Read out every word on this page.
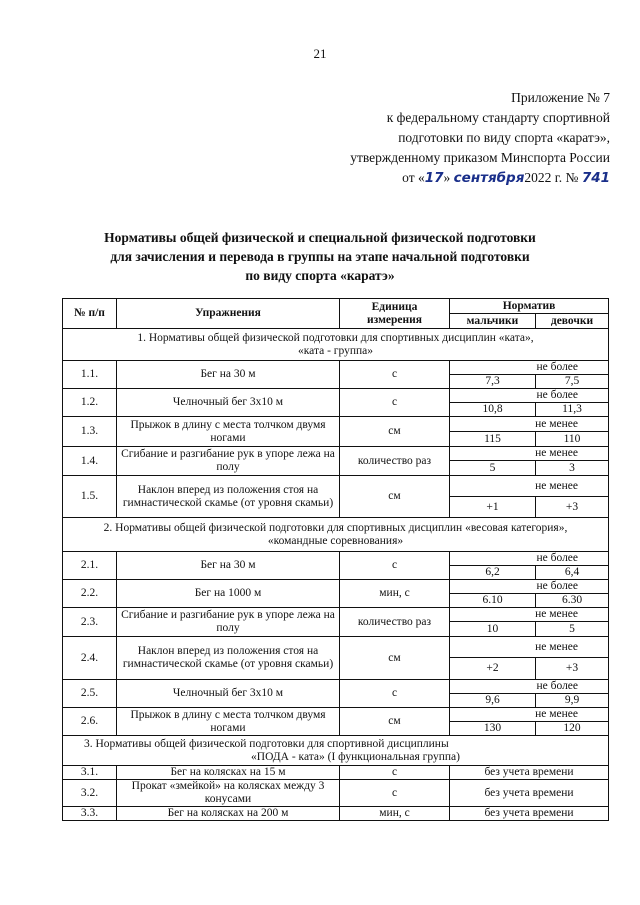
21
Приложение № 7
к федеральному стандарту спортивной
подготовки по виду спорта «каратэ»,
утвержденному приказом Минспорта России
от «17» сентября2022 г. № 741
Нормативы общей физической и специальной физической подготовки
для зачисления и перевода в группы на этапе начальной подготовки
по виду спорта «каратэ»
№ п/п	Упражнения	Единица измерения	Норматив	
			мальчики	девочки

1. Нормативы общей физической подготовки для спортивных дисциплин «ката»,
«ката - группа»				

1.1.	Бег на 30 м	с	не более	
			7,3	7,5
1.2.	Челночный бег 3х10 м	с	не более	
			10,8	11,3
1.3.	Прыжок в длину с места толчком двумя ногами	см	не менее	
			115	110
1.4.	Сгибание и разгибание рук в упоре лежа на полу	количество раз	не менее	
			5	3
1.5.	Наклон вперед из положения стоя на гимнастической скамье (от уровня скамьи)	см	не менее	
			+1	+3

2. Нормативы общей физической подготовки для спортивных дисциплин «весовая категория»,
«командные соревнования»				

2.1.	Бег на 30 м	с	не более	
			6,2	6,4
2.2.	Бег на 1000 м	мин, с	не более	
			6.10	6.30
2.3.	Сгибание и разгибание рук в упоре лежа на полу	количество раз	не менее	
			10	5
2.4.	Наклон вперед из положения стоя на гимнастической скамье (от уровня скамьи)	см	не менее	
			+2	+3
2.5.	Челночный бег 3х10 м	с	не более	
			9,6	9,9
2.6.	Прыжок в длину с места толчком двумя ногами	см	не менее	
			130	120

3. Нормативы общей физической подготовки для спортивной дисциплины
«ПОДА - ката» (I функциональная группа)				

3.1.	Бег на колясках на 15 м	с	без учета времени	
3.2.	Прокат «змейкой» на колясках между 3 конусами	с	без учета времени	
3.3.	Бег на колясках на 200 м	мин, с	без учета времени	
